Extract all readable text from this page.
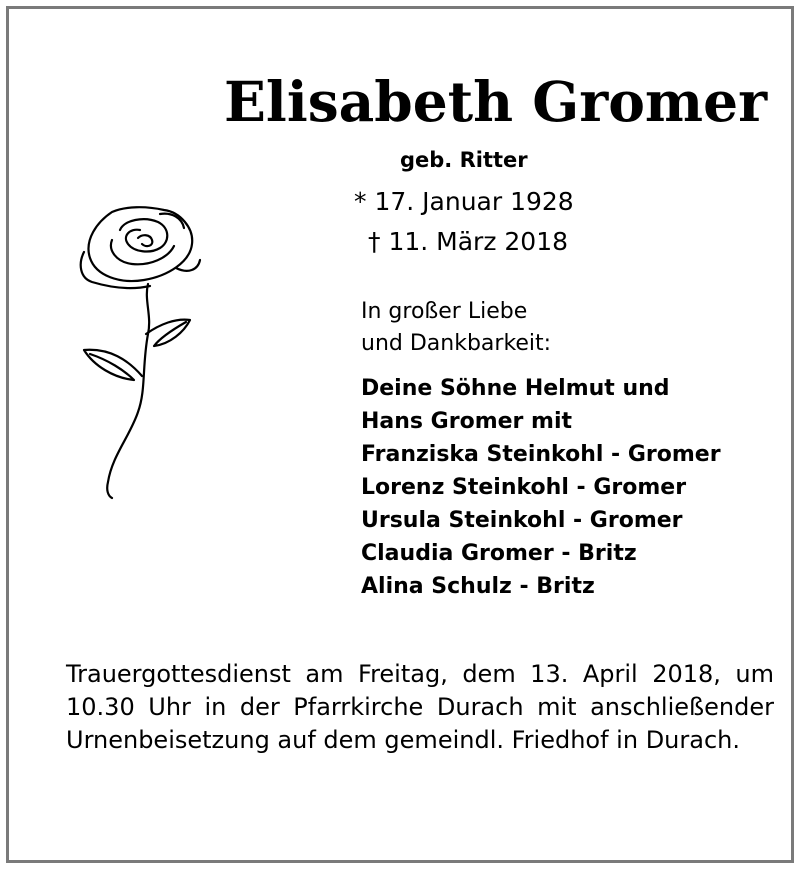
Elisabeth Gromer
geb. Ritter
* 17. Januar 1928
† 11. März 2018
In großer Liebe
und Dankbarkeit:
Deine Söhne Helmut und
Hans Gromer mit
Franziska Steinkohl - Gromer
Lorenz Steinkohl - Gromer
Ursula Steinkohl - Gromer
Claudia Gromer - Britz
Alina Schulz - Britz
Trauergottesdienst am Freitag, dem 13. April 2018, um 10.30 Uhr in der Pfarrkirche Durach mit anschließender Urnenbeisetzung auf dem gemeindl. Friedhof in Durach.
